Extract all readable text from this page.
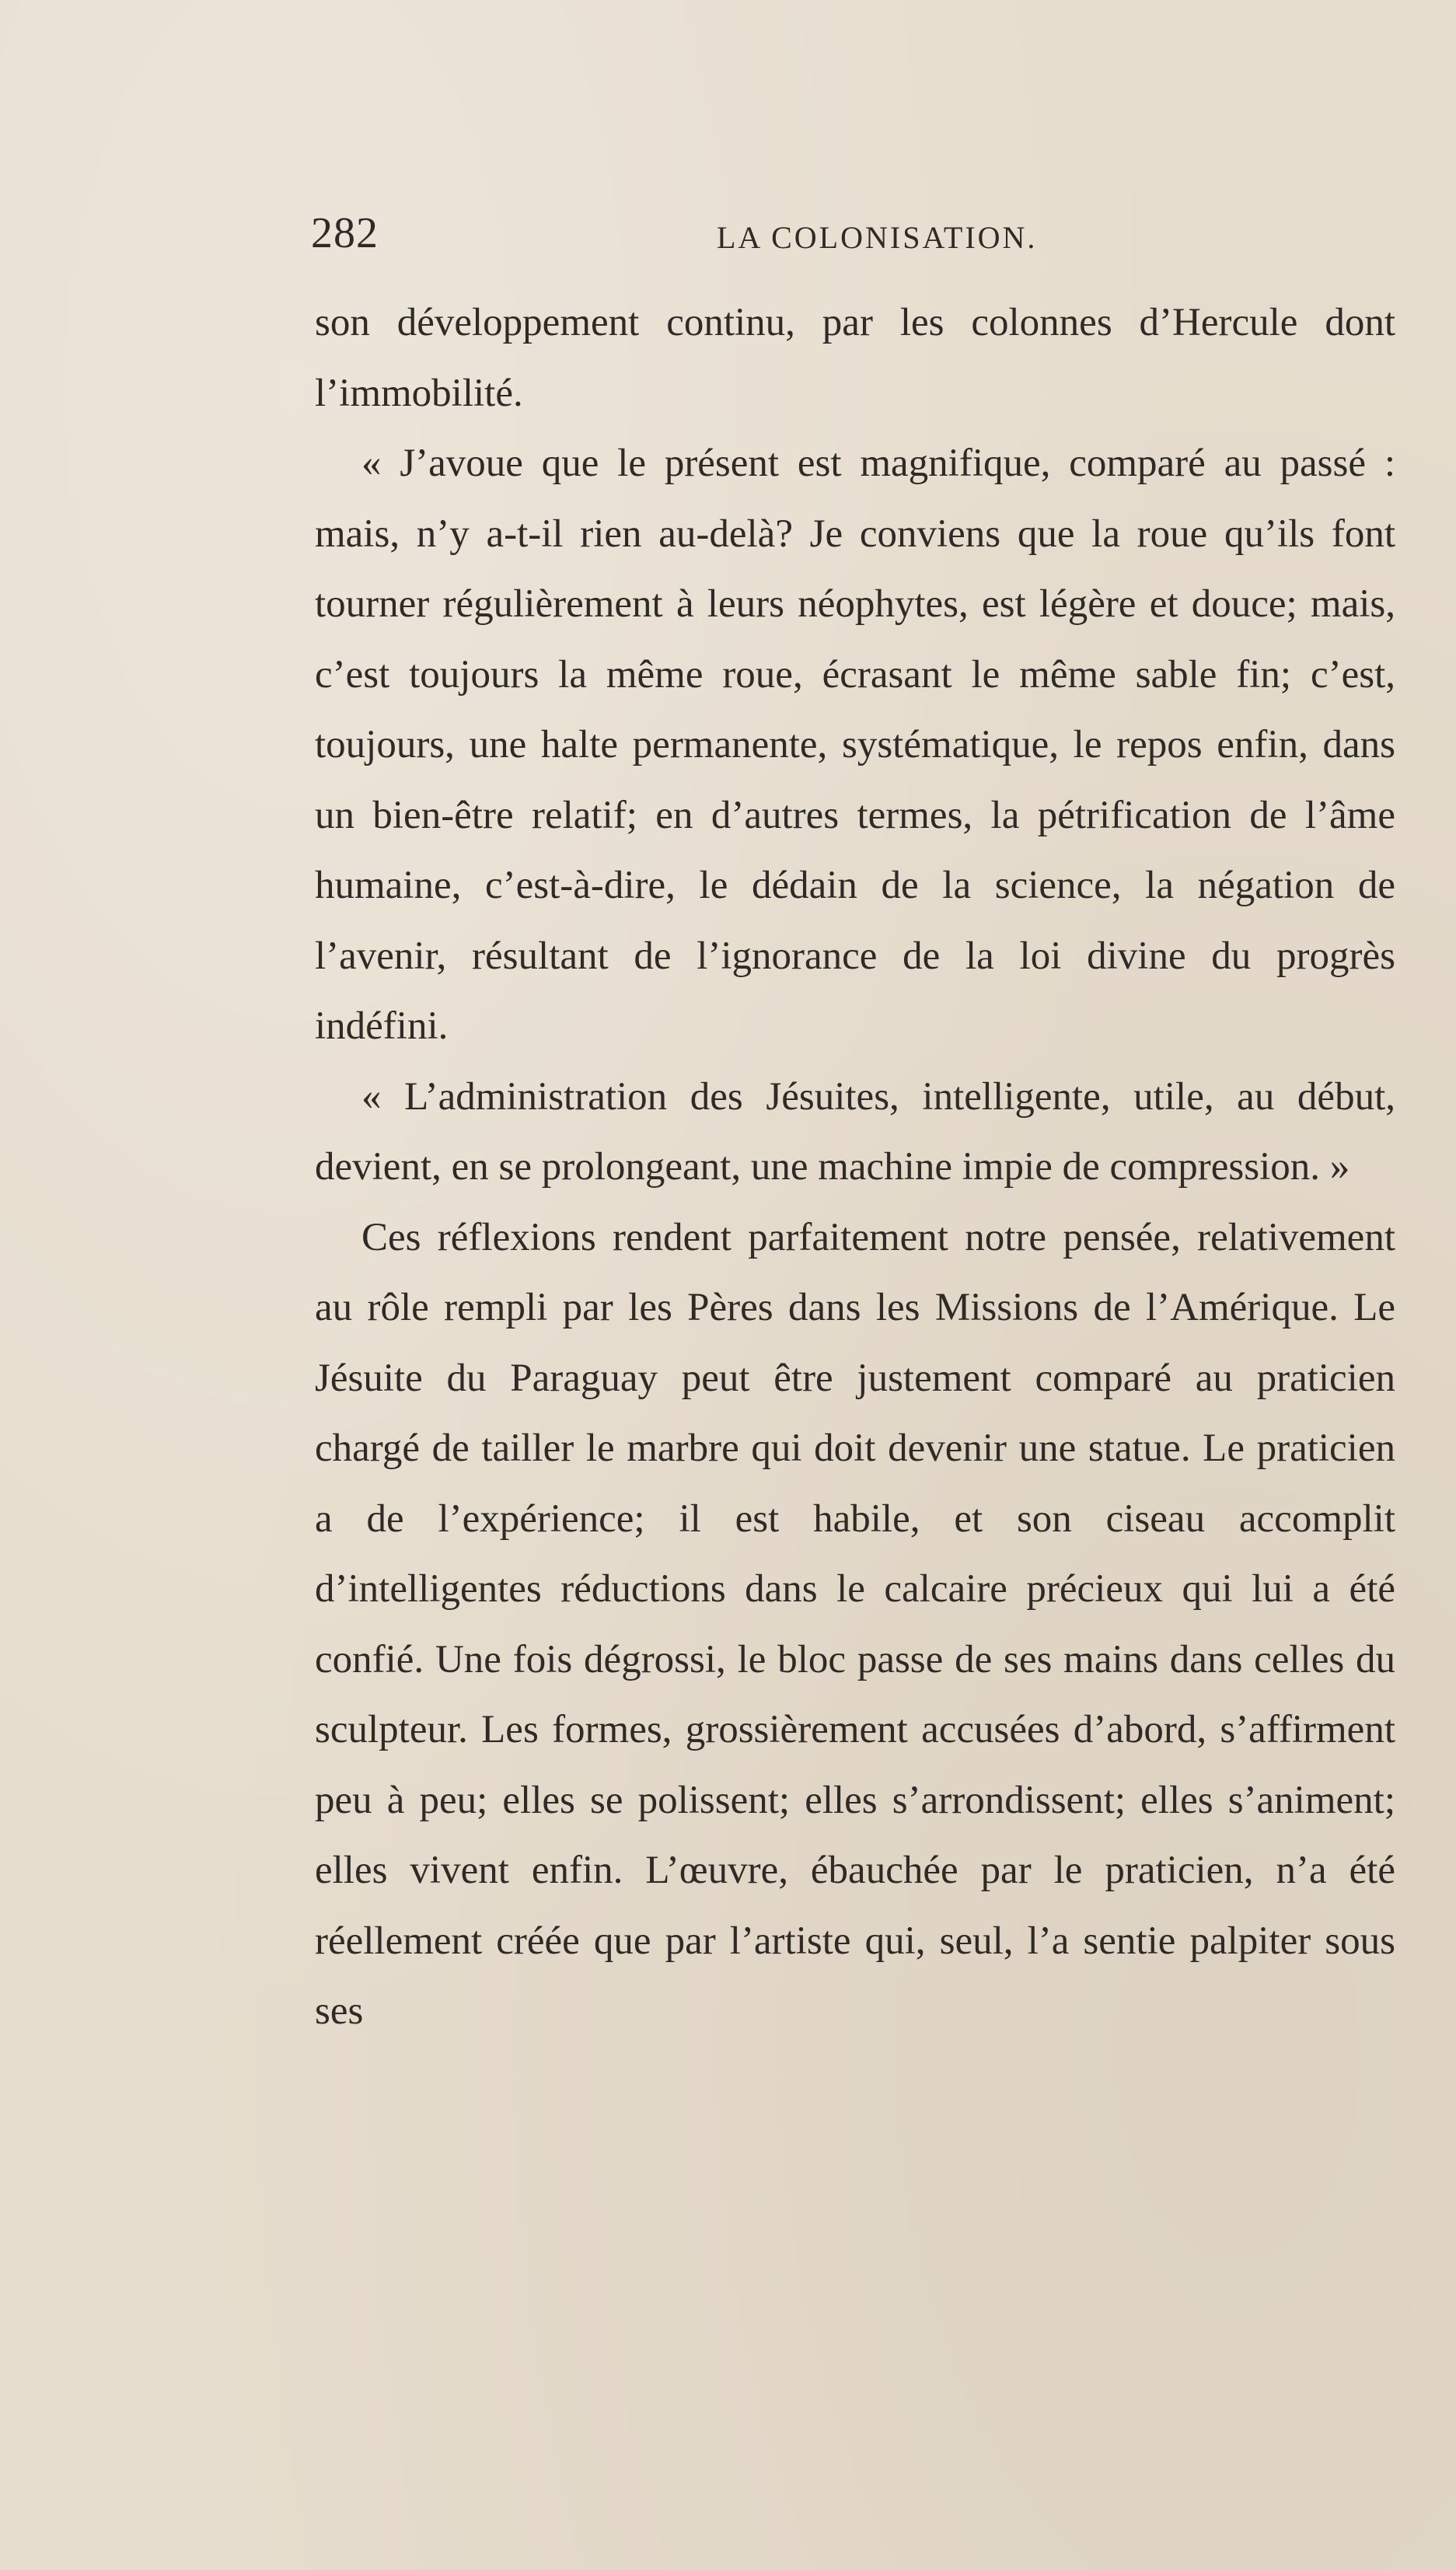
282	LA COLONISATION.

son développement continu, par les colonnes d’Hercule dont l’immobilité.

« J’avoue que le présent est magnifique, comparé au passé : mais, n’y a-t-il rien au-delà? Je conviens que la roue qu’ils font tourner régulièrement à leurs néophytes, est légère et douce; mais, c’est toujours la même roue, écrasant le même sable fin; c’est, toujours, une halte permanente, systématique, le repos enfin, dans un bien-être relatif; en d’autres termes, la pétrification de l’âme humaine, c’est-à-dire, le dédain de la science, la négation de l’avenir, résultant de l’ignorance de la loi divine du progrès indéfini.

« L’administration des Jésuites, intelligente, utile, au début, devient, en se prolongeant, une machine impie de compression. »

Ces réflexions rendent parfaitement notre pensée, relativement au rôle rempli par les Pères dans les Missions de l’Amérique. Le Jésuite du Paraguay peut être justement comparé au praticien chargé de tailler le marbre qui doit devenir une statue. Le praticien a de l’expérience; il est habile, et son ciseau accomplit d’intelligentes réductions dans le calcaire précieux qui lui a été confié. Une fois dégrossi, le bloc passe de ses mains dans celles du sculpteur. Les formes, grossièrement accusées d’abord, s’affirment peu à peu; elles se polissent; elles s’arrondissent; elles s’animent; elles vivent enfin. L’œuvre, ébauchée par le praticien, n’a été réellement créée que par l’artiste qui, seul, l’a sentie palpiter sous ses
